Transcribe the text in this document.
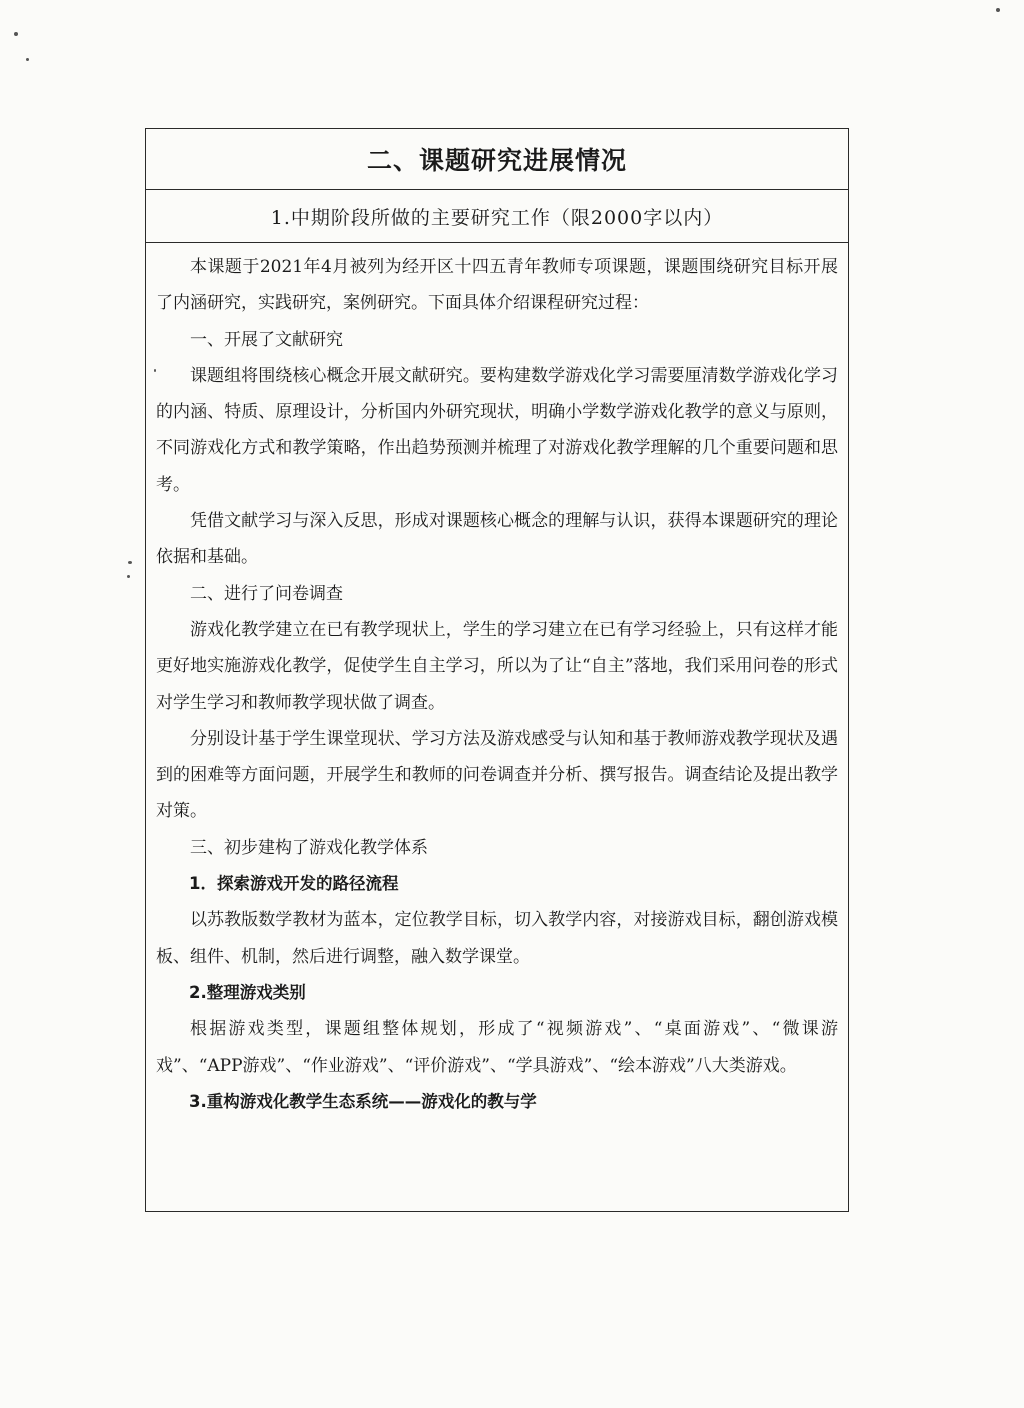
二、课题研究进展情况
1.中期阶段所做的主要研究工作（限2000字以内）

本课题于2021年4月被列为经开区十四五青年教师专项课题，课题围绕研究目标开展了内涵研究，实践研究，案例研究。下面具体介绍课程研究过程：

一、开展了文献研究

课题组将围绕核心概念开展文献研究。要构建数学游戏化学习需要厘清数学游戏化学习的内涵、特质、原理设计，分析国内外研究现状，明确小学数学游戏化教学的意义与原则，不同游戏化方式和教学策略，作出趋势预测并梳理了对游戏化教学理解的几个重要问题和思考。

凭借文献学习与深入反思，形成对课题核心概念的理解与认识，获得本课题研究的理论依据和基础。

二、进行了问卷调查

游戏化教学建立在已有教学现状上，学生的学习建立在已有学习经验上，只有这样才能更好地实施游戏化教学，促使学生自主学习，所以为了让“自主”落地，我们采用问卷的形式对学生学习和教师教学现状做了调查。

分别设计基于学生课堂现状、学习方法及游戏感受与认知和基于教师游戏教学现状及遇到的困难等方面问题，开展学生和教师的问卷调查并分析、撰写报告。调查结论及提出教学对策。

三、初步建构了游戏化教学体系

1．探索游戏开发的路径流程

以苏教版数学教材为蓝本，定位教学目标，切入教学内容，对接游戏目标，翻创游戏模板、组件、机制，然后进行调整，融入数学课堂。

2.整理游戏类别

根据游戏类型，课题组整体规划，形成了“视频游戏”、“桌面游戏”、“微课游戏”、“APP游戏”、“作业游戏”、“评价游戏”、“学具游戏”、“绘本游戏”八大类游戏。

3.重构游戏化教学生态系统——游戏化的教与学
